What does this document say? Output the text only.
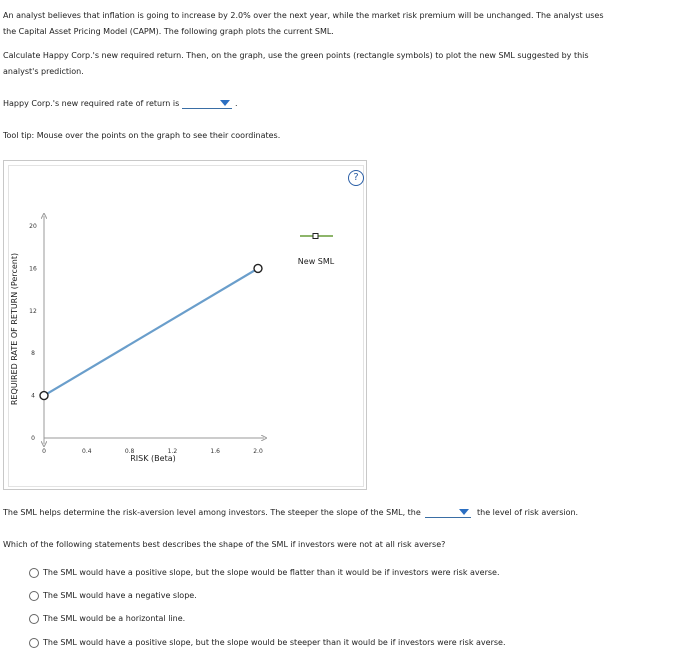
An analyst believes that inflation is going to increase by 2.0% over the next year, while the market risk premium will be unchanged. The analyst uses
the Capital Asset Pricing Model (CAPM). The following graph plots the current SML.
Calculate Happy Corp.'s new required return. Then, on the graph, use the green points (rectangle symbols) to plot the new SML suggested by this
analyst's prediction.
Happy Corp.'s new required rate of return is	.
Tool tip: Mouse over the points on the graph to see their coordinates.
?
0	0.4	0.8	1.2	1.6	2.0
0
4
8
12
16
20
New SML
RISK (Beta)
REQUIRED RATE OF RETURN (Percent)
The SML helps determine the risk-aversion level among investors. The steeper the slope of the SML, the	the level of risk aversion.
Which of the following statements best describes the shape of the SML if investors were not at all risk averse?
The SML would have a positive slope, but the slope would be flatter than it would be if investors were risk averse.
The SML would have a negative slope.
The SML would be a horizontal line.
The SML would have a positive slope, but the slope would be steeper than it would be if investors were risk averse.
